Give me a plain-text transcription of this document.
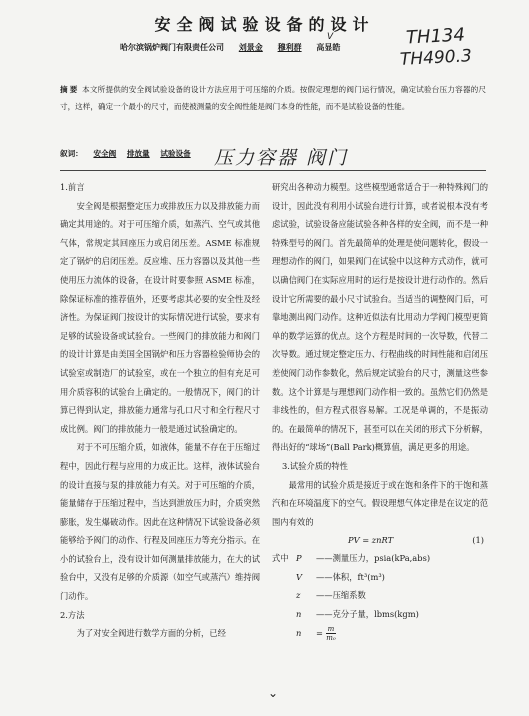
安全阀试验设备的设计
哈尔滨锅炉阀门有限责任公司 刘景金 穆利群 高显皓
V	TH134
TH490.3
摘要 本文所提供的安全阀试验设备的设计方法应用于可压缩的介质。按假定理想的阀门运行情况，确定试验台压力容器的尺寸，这样，确定一个最小的尺寸，而使被测量的安全阀性能是阀门本身的性能，而不是试验设备的性能。
叙词： 安全阀 排放量 试验设备 压力容器 阀门
1.前言

安全阀是根据整定压力或排放压力以及排放能力而确定其用途的。对于可压缩介质，如蒸汽、空气或其他气体，常规定其回座压力或启闭压差。ASME 标准规定了锅炉的启闭压差。反应堆、压力容器以及其他一些使用压力流体的设备，在设计时要参照 ASME 标准，除保证标准的推荐值外，还要考虑其必要的安全性及经济性。为保证阀门按设计的实际情况进行试验，要求有足够的试验设备或试验台。一些阀门的排放能力和阀门的设计计算是由美国全国锅炉和压力容器检验师协会的试验室或制造厂的试验室，或在一个独立的但有充足可用介质容积的试验台上确定的。一般情况下，阀门的计算已得到认定，排放能力通常与孔口尺寸和全行程尺寸成比例。阀门的排放能力一般是通过试验确定的。

对于不可压缩介质，如液体，能量不存在于压缩过程中，因此行程与应用的力成正比。这样，液体试验台的设计直接与泵的排放能力有关。对于可压缩的介质，能量储存于压缩过程中，当达到泄放压力时，介质突然膨胀，发生爆破动作。因此在这种情况下试验设备必须能够给予阀门的动作、行程及回座压力等充分指示。在小的试验台上，没有设计如何测量排放能力，在大的试验台中，又没有足够的介质源（如空气或蒸汽）维持阀门动作。

2.方法

为了对安全阀进行数学方面的分析，已经

研究出各种动力模型。这些模型通常适合于一种特殊阀门的设计，因此没有利用小试验台进行计算，或者说根本没有考虑试验，试验设备应能试验各种各样的安全阀，而不是一种特殊型号的阀门。首先最简单的处理是使问题转化，假设一理想动作的阀门，如果阀门在试验中以这种方式动作，就可以确信阀门在实际应用时的运行是按设计进行动作的。然后设计它所需要的最小尺寸试验台。当适当的调整阀门后，可靠地测出阀门动作。这种近似法有比用动力学阀门模型更简单的数学运算的优点。这个方程是时间的一次导数，代替二次导数。通过规定整定压力、行程曲线的时间性能和启闭压差使阀门动作参数化，然后规定试验台的尺寸，测量这些参数。这个计算是与理想阀门动作相一致的。虽然它们仍然是非线性的，但方程式很容易解。工况是单调的，不是振动的。在最简单的情况下，甚至可以在关闭的形式下分析解，得出好的“球场”(Ball Park)概算值，满足更多的用途。

3.试验介质的特性

最常用的试验介质是接近于或在饱和条件下的干饱和蒸汽和在环境温度下的空气。假设理想气体定律是在议定的范围内有效的

PV = znRT	(1)
式中 P ——测量压力，psia(kPa,abs)
V ——体积，ft³(m³)
z ——压缩系数
n ——克分子量，lbms(kgm)
$n = \frac{m}{\text{m₀}}$
⌄
